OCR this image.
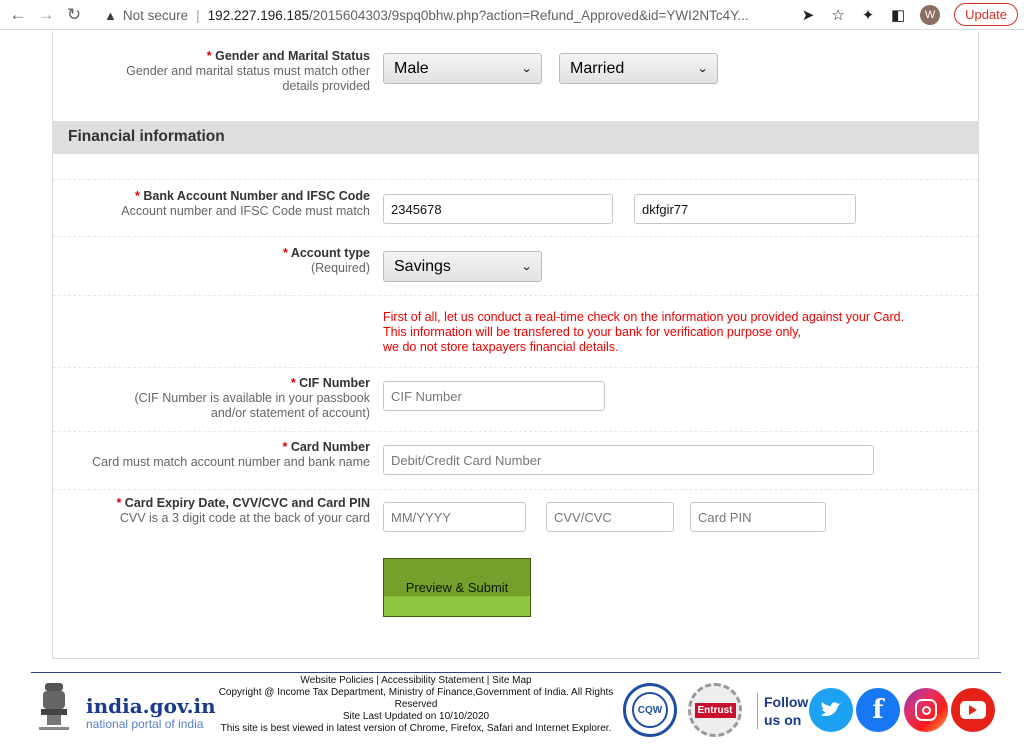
← → ↻ ▲ Not secure | 192.227.196.185 /2015604303/9spq0bhw.php?action=Refund_Approved&id=YWI2NTc4Y...	➤ ☆ ✦ ◧	W	Update
* Gender and Marital Status
Gender and marital status must match other details provided
Male	⌄ Married	⌄
Financial information
* Bank Account Number and IFSC Code
Account number and IFSC Code must match	2345678	dkfgir77
* Account type
(Required) Savings	⌄
First of all, let us conduct a real-time check on the information you provided against your Card.
This information will be transfered to your bank for verification purpose only,
we do not store taxpayers financial details.
* CIF Number
(CIF Number is available in your passbook
and/or statement of account)
CIF Number
* Card Number
Card must match account number and bank name	Debit/Credit Card Number
* Card Expiry Date, CVV/CVC and Card PIN
CVV is a 3 digit code at the back of your card	MM/YYYY	CVV/CVC	Card PIN
Preview & Submit
india.gov.in
national portal of india
Website Policies | Accessibility Statement | Site Map
Copyright @ Income Tax Department, Ministry of Finance,Government of India. All Rights Reserved
Site Last Updated on 10/10/2020
This site is best viewed in latest version of Chrome, Firefox, Safari and Internet Explorer.
CQW	Entrust Follow
us on	f
